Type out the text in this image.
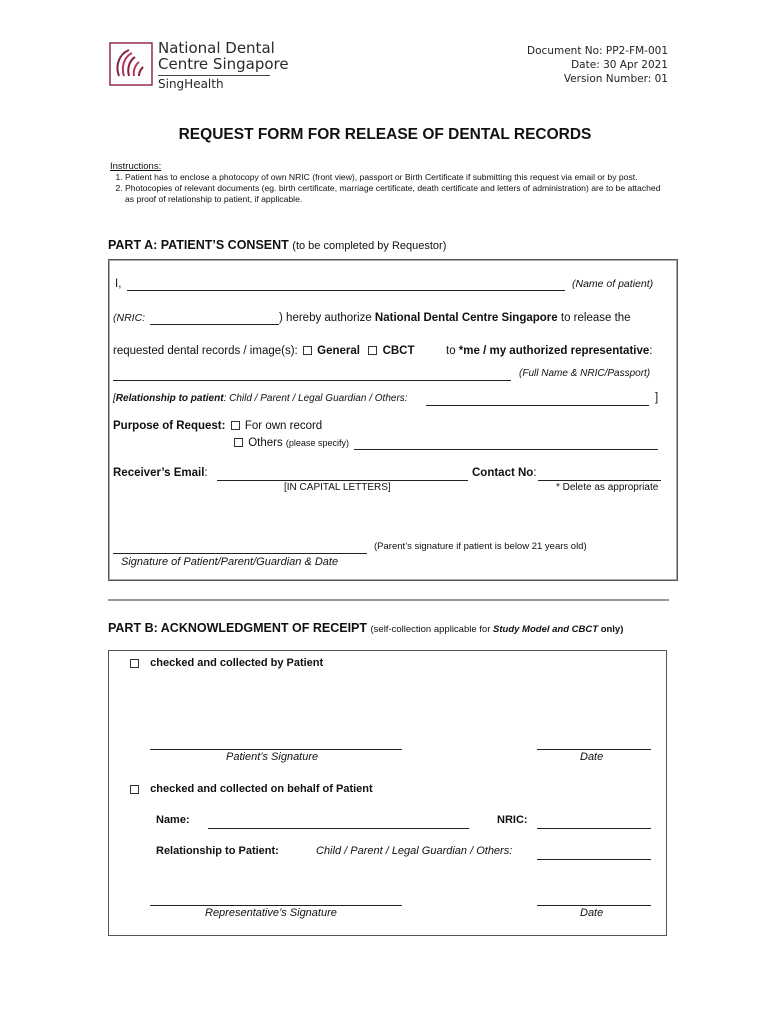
National Dental
Centre Singapore
SingHealth
Document No: PP2-FM-001
Date: 30 Apr 2021
Version Number: 01
REQUEST FORM FOR RELEASE OF DENTAL RECORDS
Instructions:
1. Patient has to enclose a photocopy of own NRIC (front view), passport or Birth Certificate if submitting this request via email or by post.
2. Photocopies of relevant documents (eg. birth certificate, marriage certificate, death certificate and letters of administration) are to be attached as proof of relationship to patient, if applicable.
PART A: PATIENT’S CONSENT (to be completed by Requestor)
I,	(Name of patient)
(NRIC:	) hereby authorize National Dental Centre Singapore to release the
requested dental records / image(s): General CBCT	to *me / my authorized representative:
(Full Name & NRIC/Passport)
[Relationship to patient: Child / Parent / Legal Guardian / Others:	]
Purpose of Request: For own record
Others (please specify)
Receiver’s Email:	Contact No:
[IN CAPITAL LETTERS]	* Delete as appropriate
(Parent’s signature if patient is below 21 years old)
Signature of Patient/Parent/Guardian & Date
PART B: ACKNOWLEDGMENT OF RECEIPT (self-collection applicable for Study Model and CBCT only)
checked and collected by Patient
Patient’s Signature	Date
checked and collected on behalf of Patient
Name:	NRIC:
Relationship to Patient:	Child / Parent / Legal Guardian / Others:
Representative’s Signature	Date
